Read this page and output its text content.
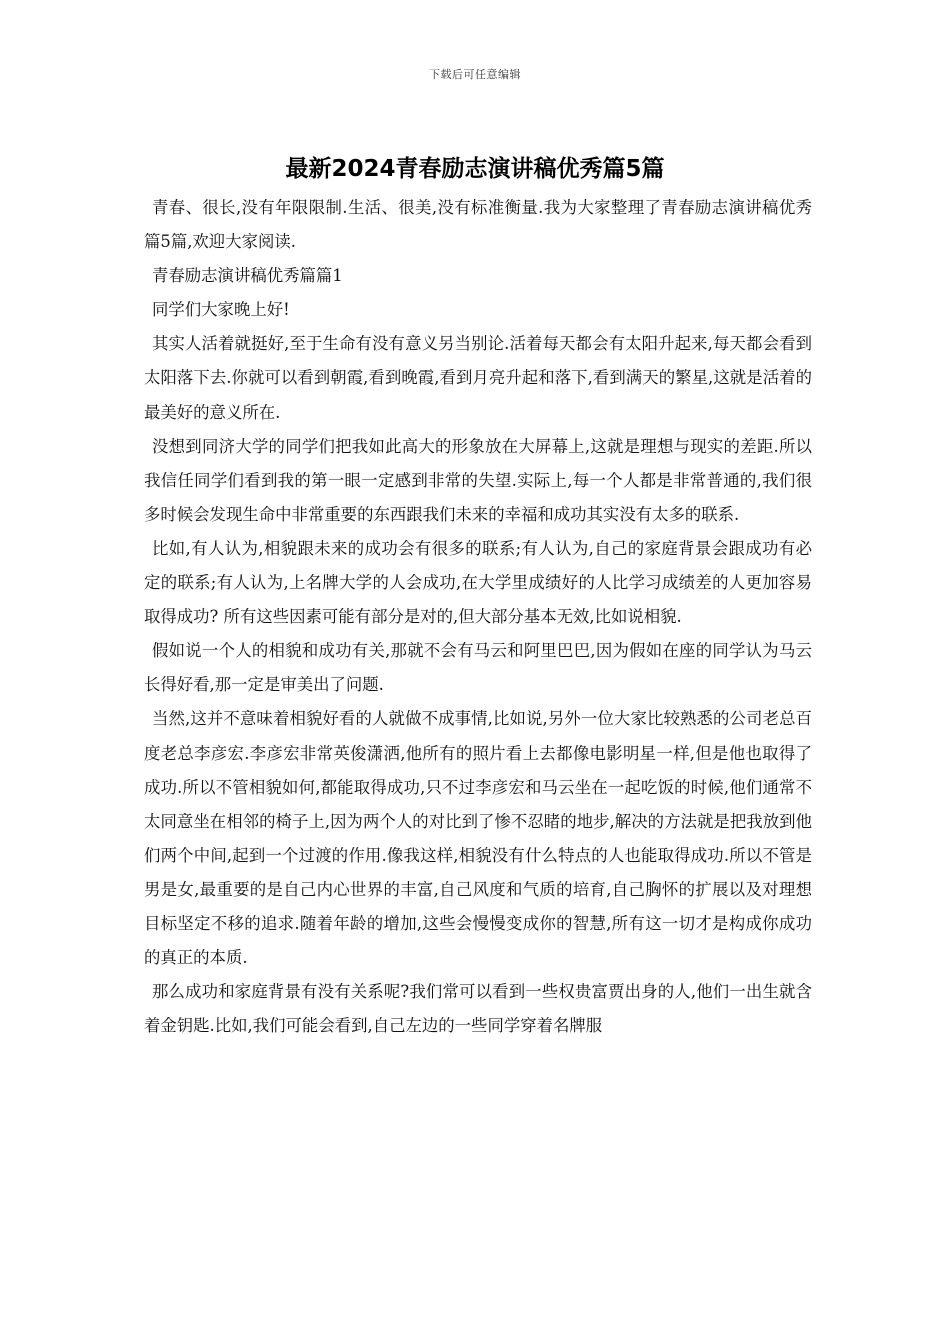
下载后可任意编辑
最新2024青春励志演讲稿优秀篇5篇

青春、很长,没有年限限制.生活、很美,没有标准衡量.我为大家整理了青春励志演讲稿优秀篇5篇,欢迎大家阅读.

青春励志演讲稿优秀篇篇1

同学们大家晚上好!

其实人活着就挺好,至于生命有没有意义另当别论.活着每天都会有太阳升起来,每天都会看到太阳落下去.你就可以看到朝霞,看到晚霞,看到月亮升起和落下,看到满天的繁星,这就是活着的最美好的意义所在.

没想到同济大学的同学们把我如此高大的形象放在大屏幕上,这就是理想与现实的差距.所以我信任同学们看到我的第一眼一定感到非常的失望.实际上,每一个人都是非常普通的,我们很多时候会发现生命中非常重要的东西跟我们未来的幸福和成功其实没有太多的联系.

比如,有人认为,相貌跟未来的成功会有很多的联系;有人认为,自己的家庭背景会跟成功有必定的联系;有人认为,上名牌大学的人会成功,在大学里成绩好的人比学习成绩差的人更加容易取得成功? 所有这些因素可能有部分是对的,但大部分基本无效,比如说相貌.

假如说一个人的相貌和成功有关,那就不会有马云和阿里巴巴,因为假如在座的同学认为马云长得好看,那一定是审美出了问题.

当然,这并不意味着相貌好看的人就做不成事情,比如说,另外一位大家比较熟悉的公司老总百度老总李彦宏.李彦宏非常英俊潇洒,他所有的照片看上去都像电影明星一样,但是他也取得了成功.所以不管相貌如何,都能取得成功,只不过李彦宏和马云坐在一起吃饭的时候,他们通常不太同意坐在相邻的椅子上,因为两个人的对比到了惨不忍睹的地步,解决的方法就是把我放到他们两个中间,起到一个过渡的作用.像我这样,相貌没有什么特点的人也能取得成功.所以不管是男是女,最重要的是自己内心世界的丰富,自己风度和气质的培育,自己胸怀的扩展以及对理想目标坚定不移的追求.随着年龄的增加,这些会慢慢变成你的智慧,所有这一切才是构成你成功的真正的本质.

那么成功和家庭背景有没有关系呢?我们常可以看到一些权贵富贾出身的人,他们一出生就含着金钥匙.比如,我们可能会看到,自己左边的一些同学穿着名牌服
